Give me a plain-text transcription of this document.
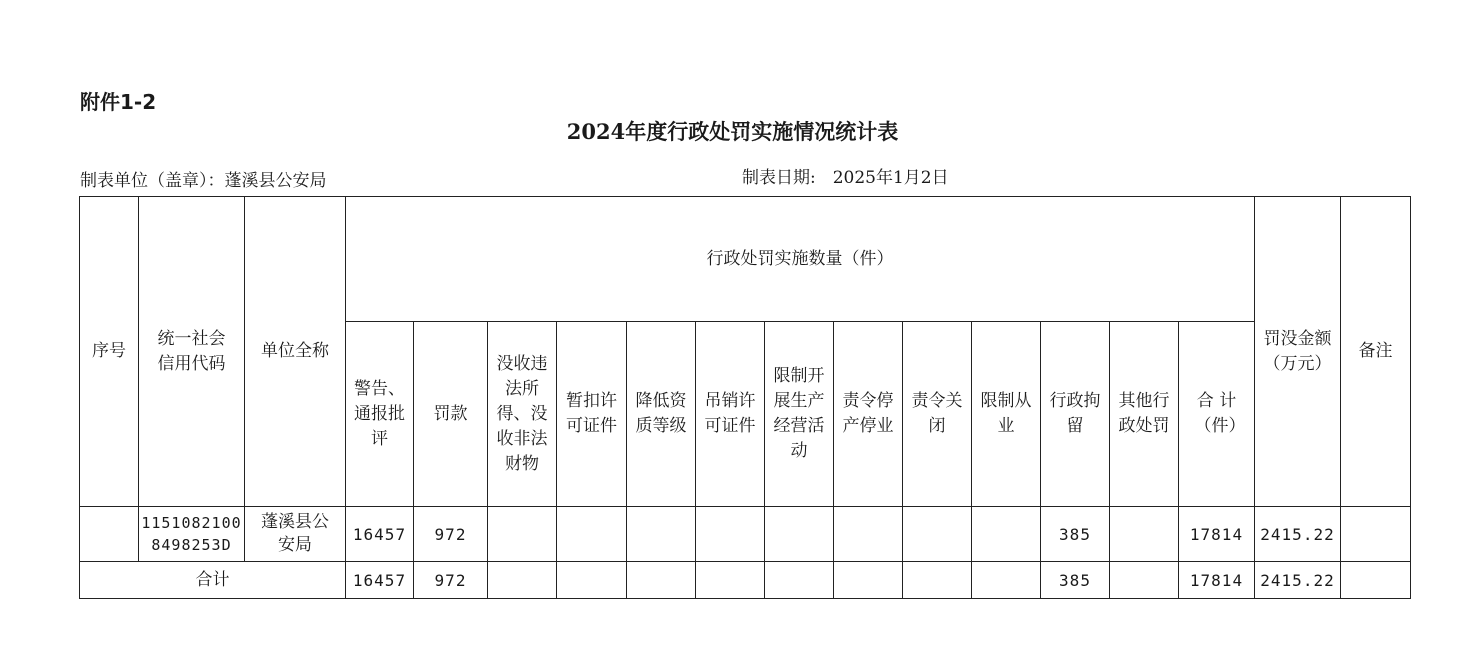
附件1-2
2024年度行政处罚实施情况统计表
制表单位（盖章）：蓬溪县公安局	制表日期:　2025年1月2日
序号	统一社会信用代码	单位全称	行政处罚实施数量（件）													罚没金额（万元）	备注
			警告、通报批评	罚款	没收违法所得、没收非法财物	暂扣许可证件	降低资质等级	吊销许可证件	限制开展生产经营活动	责令停产停业	责令关闭	限制从业	行政拘留	其他行政处罚	合 计（件）		
	11510821008498253D	蓬溪县公安局	16457	972									385		17814	2415.22	
合计			16457	972									385		17814	2415.22	
